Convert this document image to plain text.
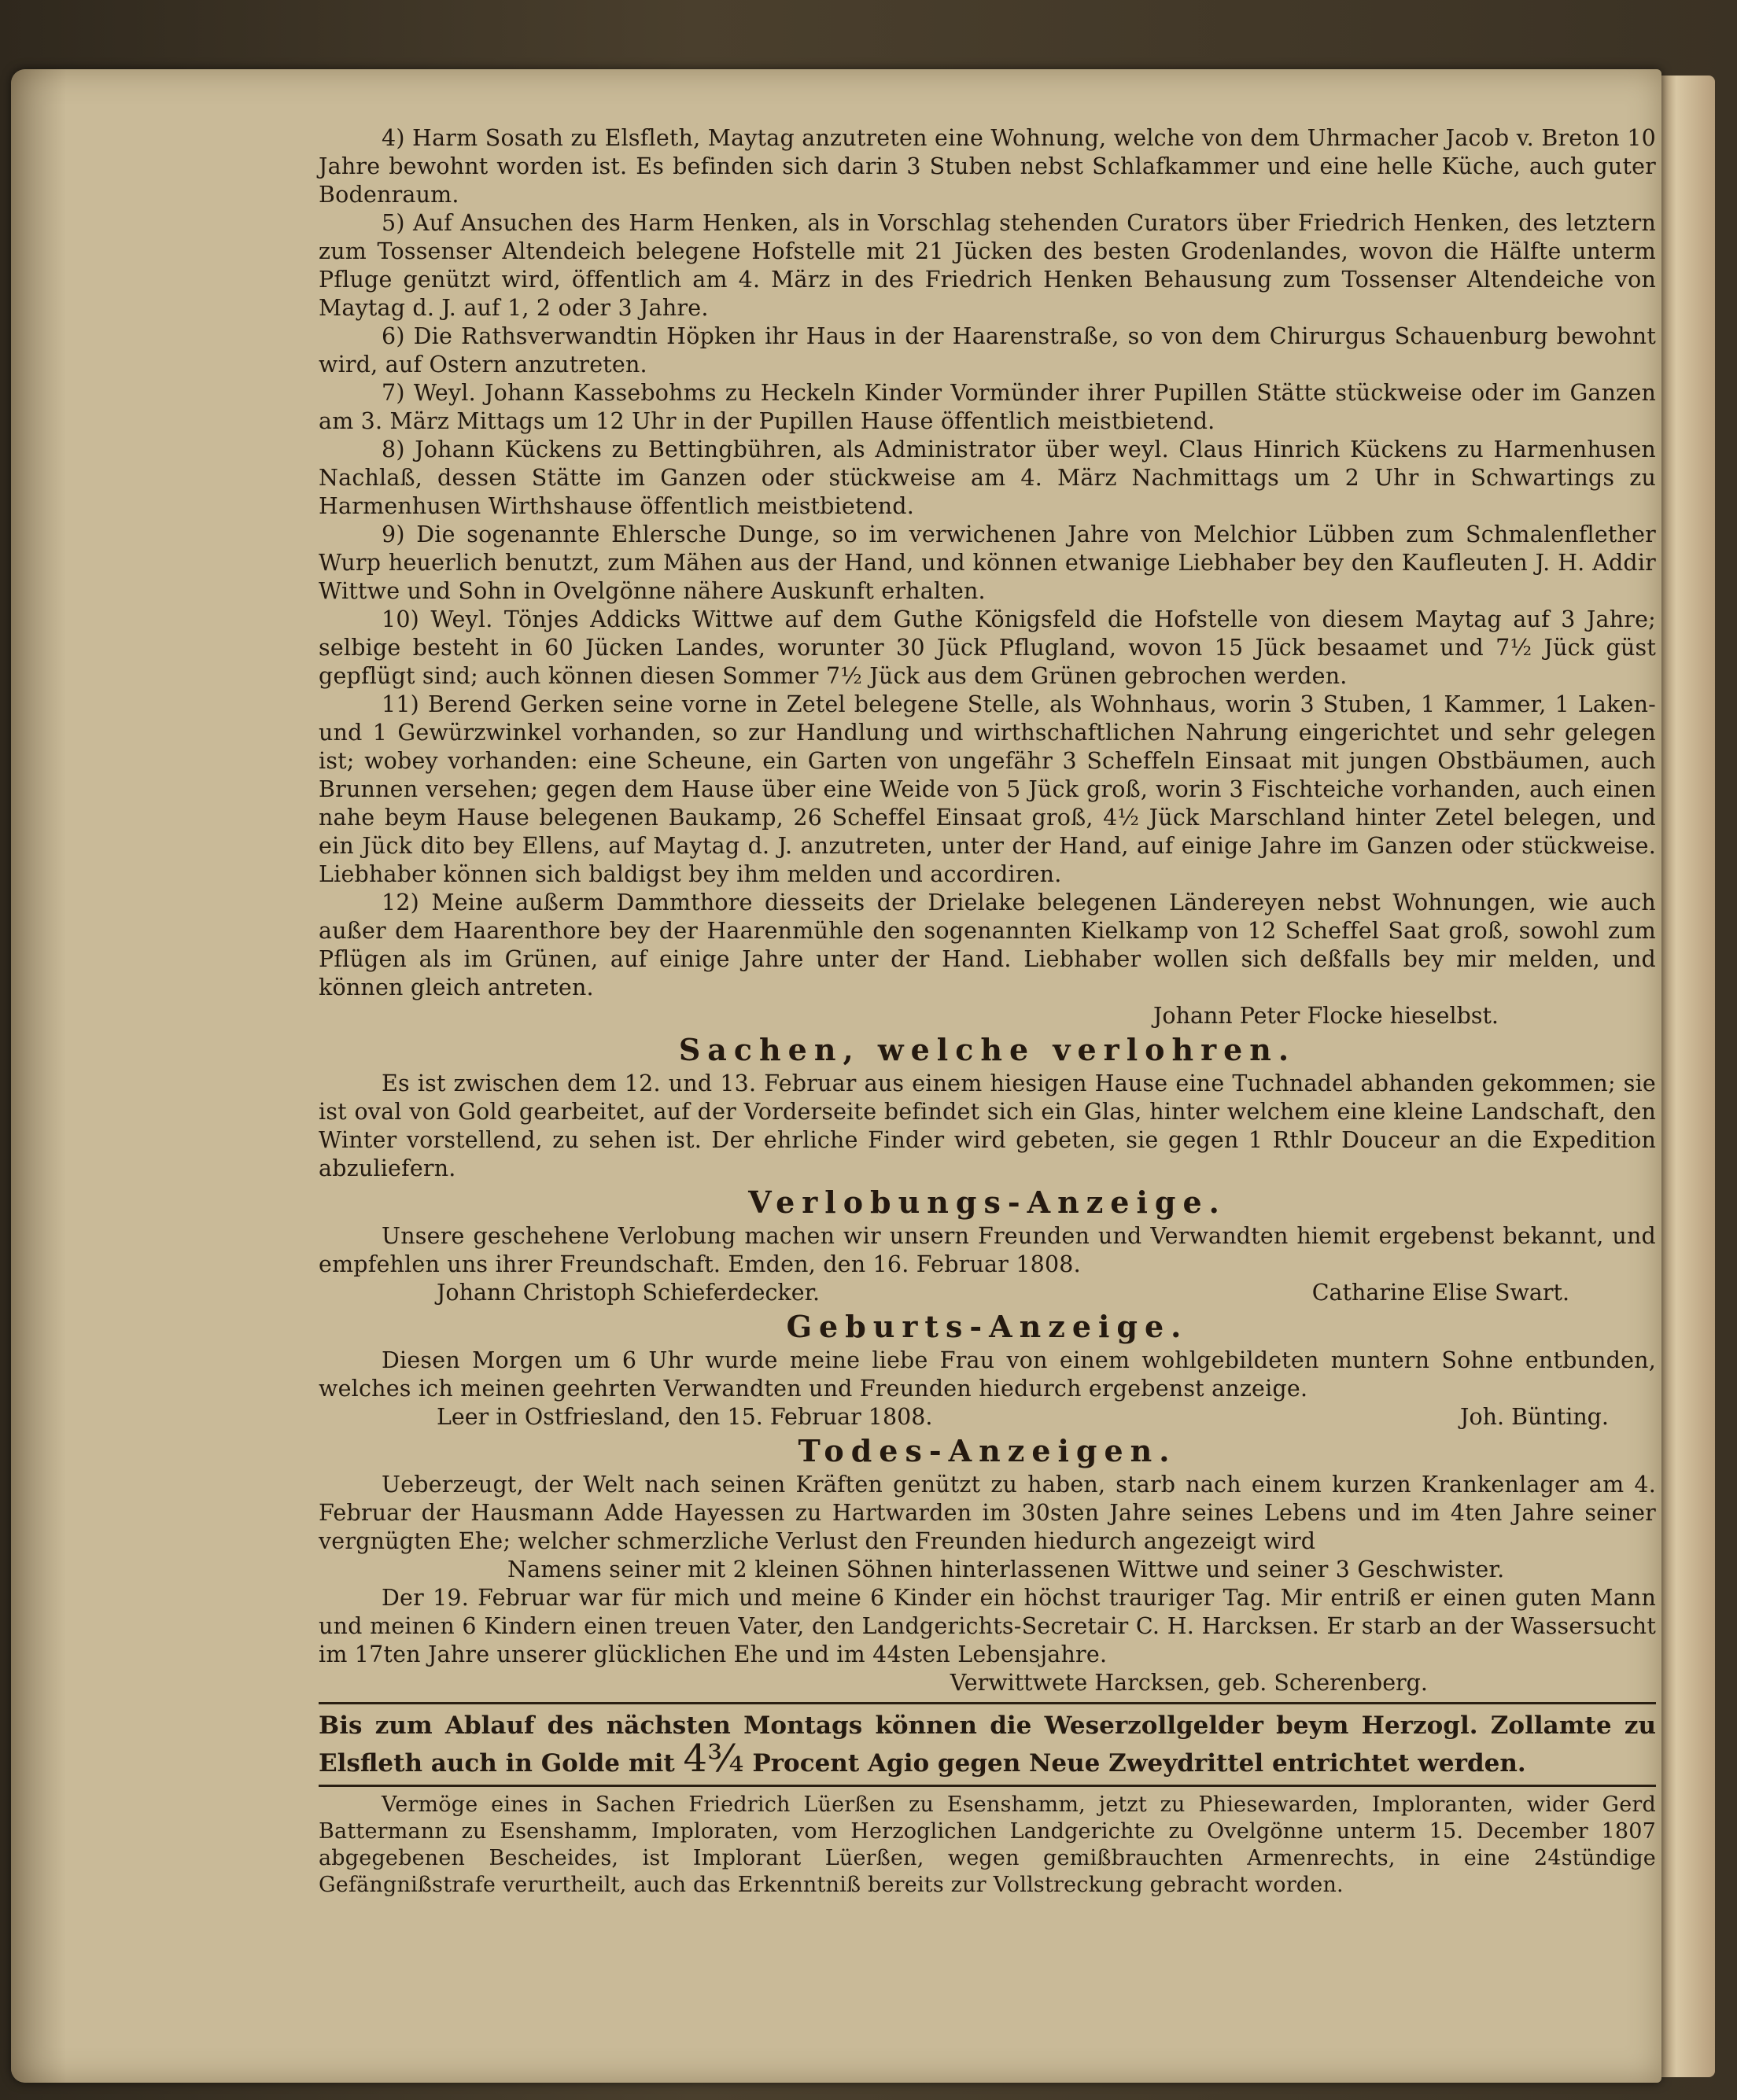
4) Harm Sosath zu Elsfleth, Maytag anzutreten eine Wohnung, welche von dem Uhrmacher Jacob v. Breton 10 Jahre bewohnt worden ist. Es befinden sich darin 3 Stuben nebst Schlafkammer und eine helle Küche, auch guter Bodenraum.

5) Auf Ansuchen des Harm Henken, als in Vorschlag stehenden Curators über Friedrich Henken, des letztern zum Tossenser Altendeich belegene Hofstelle mit 21 Jücken des besten Grodenlandes, wovon die Hälfte unterm Pfluge genützt wird, öffentlich am 4. März in des Friedrich Henken Behausung zum Tossenser Altendeiche von Maytag d. J. auf 1, 2 oder 3 Jahre.

6) Die Rathsverwandtin Höpken ihr Haus in der Haarenstraße, so von dem Chirurgus Schauenburg bewohnt wird, auf Ostern anzutreten.

7) Weyl. Johann Kassebohms zu Heckeln Kinder Vormünder ihrer Pupillen Stätte stückweise oder im Ganzen am 3. März Mittags um 12 Uhr in der Pupillen Hause öffentlich meistbietend.

8) Johann Kückens zu Bettingbühren, als Administrator über weyl. Claus Hinrich Kückens zu Harmenhusen Nachlaß, dessen Stätte im Ganzen oder stückweise am 4. März Nachmittags um 2 Uhr in Schwartings zu Harmenhusen Wirthshause öffentlich meistbietend.

9) Die sogenannte Ehlersche Dunge, so im verwichenen Jahre von Melchior Lübben zum Schmalenflether Wurp heuerlich benutzt, zum Mähen aus der Hand, und können etwanige Liebhaber bey den Kaufleuten J. H. Addir Wittwe und Sohn in Ovelgönne nähere Auskunft erhalten.

10) Weyl. Tönjes Addicks Wittwe auf dem Guthe Königsfeld die Hofstelle von diesem Maytag auf 3 Jahre; selbige besteht in 60 Jücken Landes, worunter 30 Jück Pflugland, wovon 15 Jück besaamet und 7½ Jück güst gepflügt sind; auch können diesen Sommer 7½ Jück aus dem Grünen gebrochen werden.

11) Berend Gerken seine vorne in Zetel belegene Stelle, als Wohnhaus, worin 3 Stuben, 1 Kammer, 1 Laken- und 1 Gewürzwinkel vorhanden, so zur Handlung und wirthschaftlichen Nahrung eingerichtet und sehr gelegen ist; wobey vorhanden: eine Scheune, ein Garten von ungefähr 3 Scheffeln Einsaat mit jungen Obstbäumen, auch Brunnen versehen; gegen dem Hause über eine Weide von 5 Jück groß, worin 3 Fischteiche vorhanden, auch einen nahe beym Hause belegenen Baukamp, 26 Scheffel Einsaat groß, 4½ Jück Marschland hinter Zetel belegen, und ein Jück dito bey Ellens, auf Maytag d. J. anzutreten, unter der Hand, auf einige Jahre im Ganzen oder stückweise. Liebhaber können sich baldigst bey ihm melden und accordiren.

12) Meine außerm Dammthore diesseits der Drielake belegenen Ländereyen nebst Wohnungen, wie auch außer dem Haarenthore bey der Haarenmühle den sogenannten Kielkamp von 12 Scheffel Saat groß, sowohl zum Pflügen als im Grünen, auf einige Jahre unter der Hand. Liebhaber wollen sich deßfalls bey mir melden, und können gleich antreten.

Johann Peter Flocke hieselbst.

Sachen, welche verlohren.

Es ist zwischen dem 12. und 13. Februar aus einem hiesigen Hause eine Tuchnadel abhanden gekommen; sie ist oval von Gold gearbeitet, auf der Vorderseite befindet sich ein Glas, hinter welchem eine kleine Landschaft, den Winter vorstellend, zu sehen ist. Der ehrliche Finder wird gebeten, sie gegen 1 Rthlr Douceur an die Expedition abzuliefern.

Verlobungs-Anzeige.

Unsere geschehene Verlobung machen wir unsern Freunden und Verwandten hiemit ergebenst bekannt, und empfehlen uns ihrer Freundschaft. Emden, den 16. Februar 1808.

Johann Christoph Schieferdecker.	Catharine Elise Swart.
Geburts-Anzeige.

Diesen Morgen um 6 Uhr wurde meine liebe Frau von einem wohlgebildeten muntern Sohne entbunden, welches ich meinen geehrten Verwandten und Freunden hiedurch ergebenst anzeige.

Leer in Ostfriesland, den 15. Februar 1808.	Joh. Bünting.
Todes-Anzeigen.

Ueberzeugt, der Welt nach seinen Kräften genützt zu haben, starb nach einem kurzen Krankenlager am 4. Februar der Hausmann Adde Hayessen zu Hartwarden im 30sten Jahre seines Lebens und im 4ten Jahre seiner vergnügten Ehe; welcher schmerzliche Verlust den Freunden hiedurch angezeigt wird

Namens seiner mit 2 kleinen Söhnen hinterlassenen Wittwe und seiner 3 Geschwister.

Der 19. Februar war für mich und meine 6 Kinder ein höchst trauriger Tag. Mir entriß er einen guten Mann und meinen 6 Kindern einen treuen Vater, den Landgerichts-Secretair C. H. Harcksen. Er starb an der Wassersucht im 17ten Jahre unserer glücklichen Ehe und im 44sten Lebensjahre.

Verwittwete Harcksen, geb. Scherenberg.

Bis zum Ablauf des nächsten Montags können die Weserzollgelder beym Herzogl. Zollamte zu Elsfleth auch in Golde mit 4¾ Procent Agio gegen Neue Zweydrittel entrichtet werden.

Vermöge eines in Sachen Friedrich Lüerßen zu Esenshamm, jetzt zu Phiesewarden, Imploranten, wider Gerd Battermann zu Esenshamm, Imploraten, vom Herzoglichen Landgerichte zu Ovelgönne unterm 15. December 1807 abgegebenen Bescheides, ist Implorant Lüerßen, wegen gemißbrauchten Armenrechts, in eine 24stündige Gefängnißstrafe verurtheilt, auch das Erkenntniß bereits zur Vollstreckung gebracht worden.
